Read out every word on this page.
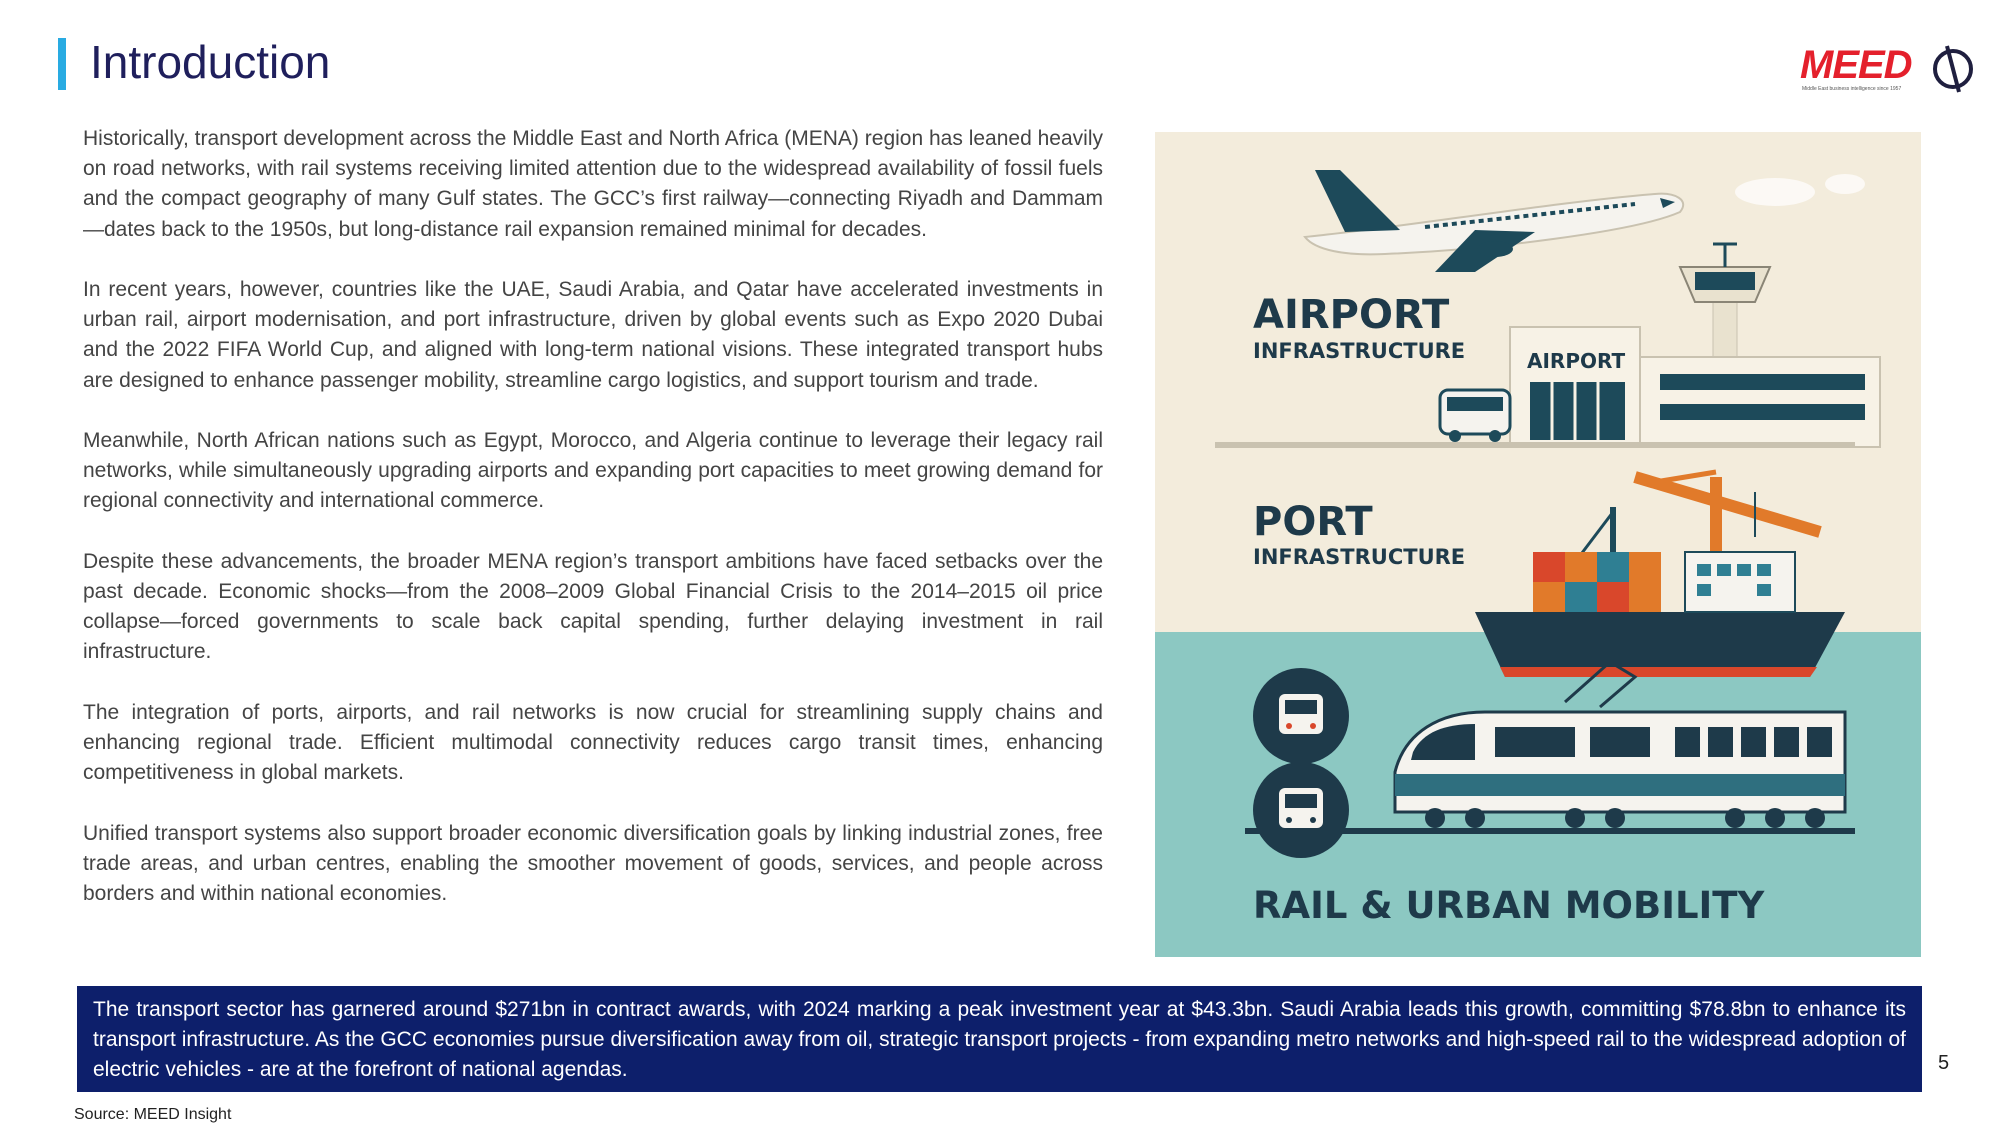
Introduction	MEED
Middle East business intelligence since 1957

Historically, transport development across the Middle East and North Africa (MENA) region has leaned heavily on road networks, with rail systems receiving limited attention due to the widespread availability of fossil fuels and the compact geography of many Gulf states. The GCC’s first railway—connecting Riyadh and Dammam—dates back to the 1950s, but long-distance rail expansion remained minimal for decades.

In recent years, however, countries like the UAE, Saudi Arabia, and Qatar have accelerated investments in urban rail, airport modernisation, and port infrastructure, driven by global events such as Expo 2020 Dubai and the 2022 FIFA World Cup, and aligned with long-term national visions. These integrated transport hubs are designed to enhance passenger mobility, streamline cargo logistics, and support tourism and trade.

Meanwhile, North African nations such as Egypt, Morocco, and Algeria continue to leverage their legacy rail networks, while simultaneously upgrading airports and expanding port capacities to meet growing demand for regional connectivity and international commerce.

Despite these advancements, the broader MENA region’s transport ambitions have faced setbacks over the past decade. Economic shocks—from the 2008–2009 Global Financial Crisis to the 2014–2015 oil price collapse—forced governments to scale back capital spending, further delaying investment in rail infrastructure.

The integration of ports, airports, and rail networks is now crucial for streamlining supply chains and enhancing regional trade. Efficient multimodal connectivity reduces cargo transit times, enhancing competitiveness in global markets.

Unified transport systems also support broader economic diversification goals by linking industrial zones, free trade areas, and urban centres, enabling the smoother movement of goods, services, and people across borders and within national economies.

AIRPORT
AIRPORT
INFRASTRUCTURE
PORT
INFRASTRUCTURE
RAIL & URBAN MOBILITY
The transport sector has garnered around $271bn in contract awards, with 2024 marking a peak investment year at $43.3bn. Saudi Arabia leads this growth, committing $78.8bn to enhance its transport infrastructure. As the GCC economies pursue diversification away from oil, strategic transport projects - from expanding metro networks and high-speed rail to the widespread adoption of electric vehicles - are at the forefront of national agendas.	5
Source: MEED Insight
